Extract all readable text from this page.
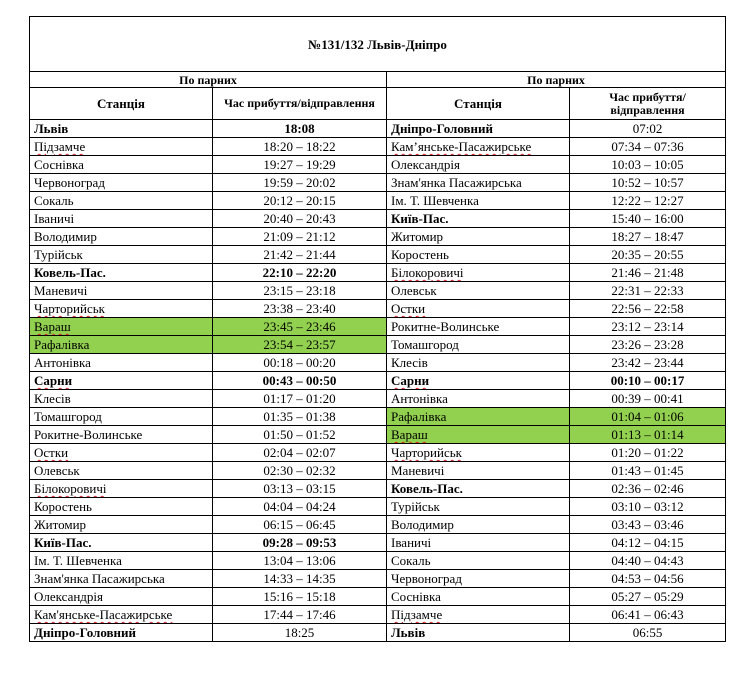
№131/132 Львів-Дніпро			
По парних		По парних	
Станція	Час прибуття/відправлення	Станція	Час прибуття/відправлення
Львів	18:08	Дніпро-Головний	07:02
Підзамче	18:20 – 18:22	Кам’янське-Пасажирське	07:34 – 07:36
Соснівка	19:27 – 19:29	Олександрія	10:03 – 10:05
Червоноград	19:59 – 20:02	Знам'янка Пасажирська	10:52 – 10:57
Сокаль	20:12 – 20:15	Ім. Т. Шевченка	12:22 – 12:27
Іваничі	20:40 – 20:43	Київ-Пас.	15:40 – 16:00
Володимир	21:09 – 21:12	Житомир	18:27 – 18:47
Турійськ	21:42 – 21:44	Коростень	20:35 – 20:55
Ковель-Пас.	22:10 – 22:20	Білокоровичі	21:46 – 21:48
Маневичі	23:15 – 23:18	Олевськ	22:31 – 22:33
Чарторийськ	23:38 – 23:40	Остки	22:56 – 22:58
Вараш	23:45 – 23:46	Рокитне-Волинське	23:12 – 23:14
Рафалівка	23:54 – 23:57	Томашгород	23:26 – 23:28
Антонівка	00:18 – 00:20	Клесів	23:42 – 23:44
Сарни	00:43 – 00:50	Сарни	00:10 – 00:17
Клесів	01:17 – 01:20	Антонівка	00:39 – 00:41
Томашгород	01:35 – 01:38	Рафалівка	01:04 – 01:06
Рокитне-Волинське	01:50 – 01:52	Вараш	01:13 – 01:14
Остки	02:04 – 02:07	Чарторийськ	01:20 – 01:22
Олевськ	02:30 – 02:32	Маневичі	01:43 – 01:45
Білокоровичі	03:13 – 03:15	Ковель-Пас.	02:36 – 02:46
Коростень	04:04 – 04:24	Турійськ	03:10 – 03:12
Житомир	06:15 – 06:45	Володимир	03:43 – 03:46
Київ-Пас.	09:28 – 09:53	Іваничі	04:12 – 04:15
Ім. Т. Шевченка	13:04 – 13:06	Сокаль	04:40 – 04:43
Знам'янка Пасажирська	14:33 – 14:35	Червоноград	04:53 – 04:56
Олександрія	15:16 – 15:18	Соснівка	05:27 – 05:29
Кам'янське-Пасажирське	17:44 – 17:46	Підзамче	06:41 – 06:43
Дніпро-Головний	18:25	Львів	06:55
